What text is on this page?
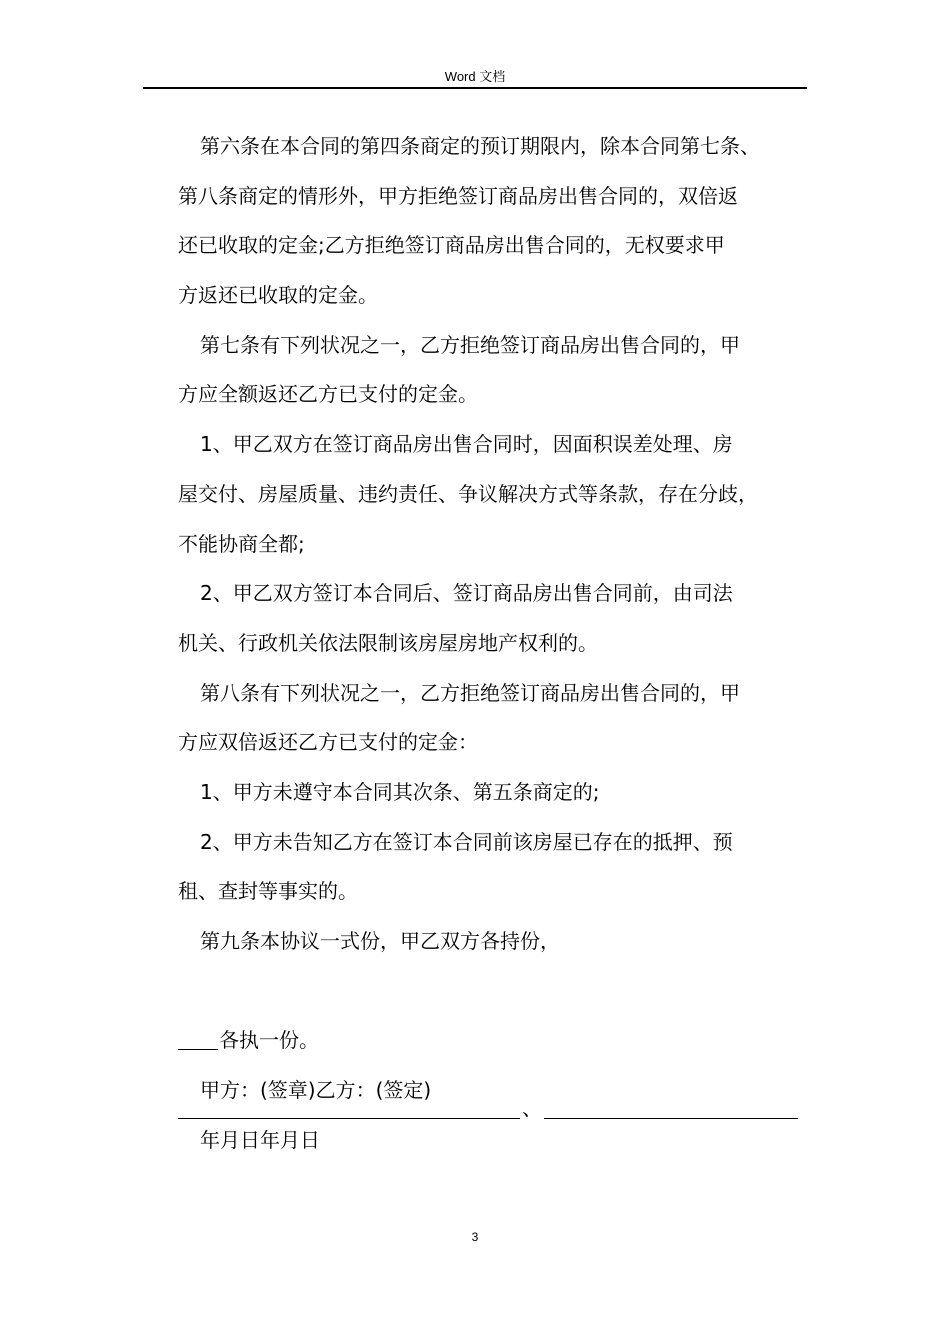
Word 文档
第六条在本合同的第四条商定的预订期限内，除本合同第七条、
第八条商定的情形外，甲方拒绝签订商品房出售合同的，双倍返
还已收取的定金;乙方拒绝签订商品房出售合同的，无权要求甲
方返还已收取的定金。
第七条有下列状况之一，乙方拒绝签订商品房出售合同的，甲
方应全额返还乙方已支付的定金。
1、甲乙双方在签订商品房出售合同时，因面积误差处理、房
屋交付、房屋质量、违约责任、争议解决方式等条款，存在分歧，
不能协商全都;
2、甲乙双方签订本合同后、签订商品房出售合同前，由司法
机关、行政机关依法限制该房屋房地产权利的。
第八条有下列状况之一，乙方拒绝签订商品房出售合同的，甲
方应双倍返还乙方已支付的定金：
1、甲方未遵守本合同其次条、第五条商定的;
2、甲方未告知乙方在签订本合同前该房屋已存在的抵押、预
租、查封等事实的。
第九条本协议一式份，甲乙双方各持份，
、
各执一份。
甲方：(签章)乙方：(签定)
年月日年月日
3
